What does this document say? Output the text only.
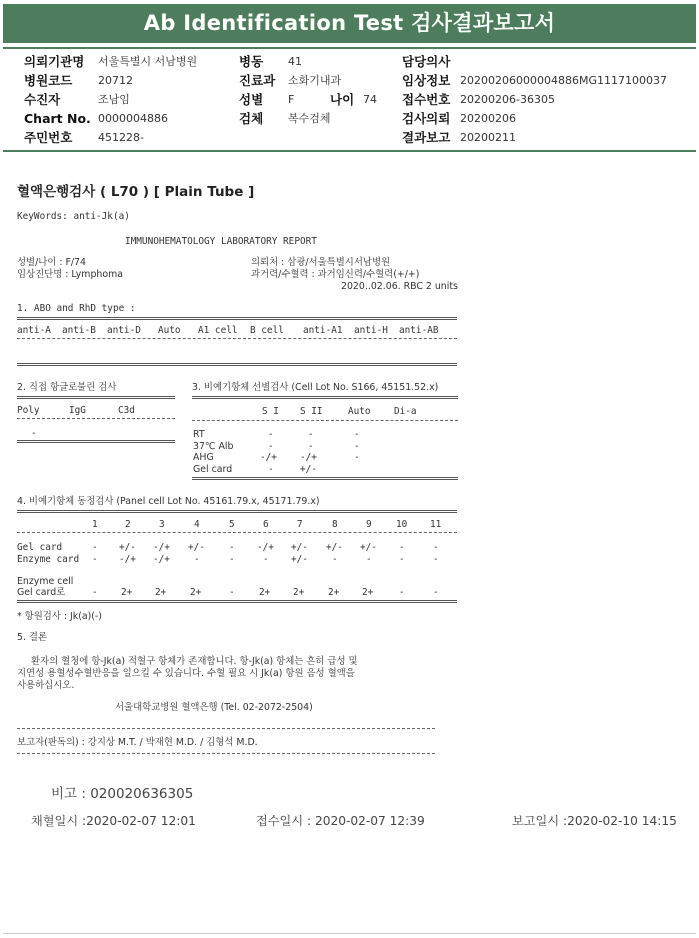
Ab Identification Test 검사결과보고서
의뢰기관명 서울특별시 서남병원	병동 41	담당의사
병원코드 20712	진료과 소화기내과	임상정보 20200206000004886MG1117100037
수진자	조남임	성별 F	나이 74 접수번호 20200206-36305
Chart No. 0000004886	검체 복수검체	검사의뢰 20200206
주민번호 451228-	결과보고 20200211
혈액은행검사 ( L70 ) [ Plain Tube ]
KeyWords: anti-Jk(a)
IMMUNOHEMATOLOGY LABORATORY REPORT
성별/나이 : F/74
임상진단명 : Lymphoma
의뢰처 : 삼광/서울특별시서남병원
과거력/수혈력 : 과거임신력/수혈력(+/+)
2020..02.06. RBC 2 units
1. ABO and RhD type :
anti-A anti-B anti-D Auto A1 cell B cell anti-A1 anti-H anti-AB
2. 직접 항글로불린 검사
Poly	IgG	C3d
-
3. 비예기항체 선별검사 (Cell Lot No. S166, 45151.52.x)
S I S II	Auto Di-a
RT	-	-	-
37℃ Alb	-	-	-
AHG	-/+ -/+	-
Gel card	-	+/-
4. 비예기항체 동정검사 (Panel cell Lot No. 45161.79.x, 45171.79.x)
1	2	3	4	5	6	7	8	9	10 11
Gel card	- +/- -/+ +/-	- -/+ +/- +/- +/- -	-
Enzyme card - -/+ -/+	-	-	- +/-	-	-	-	-
Enzyme cell
Gel card로	- 2+ 2+	2+	-	2+ 2+	2+ 2+	-	-
* 항원검사 : Jk(a)(-)
5. 결론
환자의 혈청에 항-Jk(a) 적혈구 항체가 존재합니다. 항-Jk(a) 항체는 흔히 급성 및
지연성 용혈성수혈반응을 일으킬 수 있습니다. 수혈 필요 시 Jk(a) 항원 음성 혈액을
사용하십시오.
서울대학교병원 혈액은행 (Tel. 02-2072-2504)
보고자(판독의) : 강지상 M.T. / 박재현 M.D. / 김형석 M.D.
비고 : 020020636305
채혈일시 :2020-02-07 12:01	접수일시 : 2020-02-07 12:39	보고일시 :2020-02-10 14:15
